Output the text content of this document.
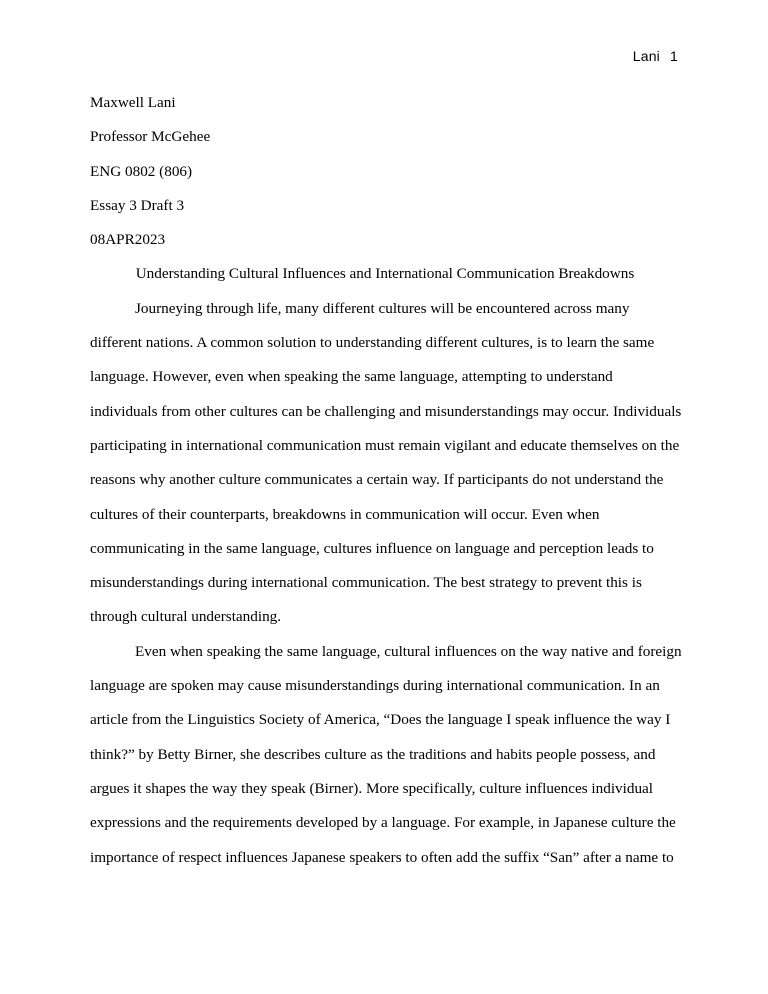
Lani 1
Maxwell Lani
Professor McGehee
ENG 0802 (806)
Essay 3 Draft 3
08APR2023
Understanding Cultural Influences and International Communication Breakdowns

Journeying through life, many different cultures will be encountered across many
different nations. A common solution to understanding different cultures, is to learn the same
language. However, even when speaking the same language, attempting to understand
individuals from other cultures can be challenging and misunderstandings may occur. Individuals
participating in international communication must remain vigilant and educate themselves on the
reasons why another culture communicates a certain way. If participants do not understand the
cultures of their counterparts, breakdowns in communication will occur. Even when
communicating in the same language, cultures influence on language and perception leads to
misunderstandings during international communication. The best strategy to prevent this is
through cultural understanding.

Even when speaking the same language, cultural influences on the way native and foreign
language are spoken may cause misunderstandings during international communication. In an
article from the Linguistics Society of America, “Does the language I speak influence the way I
think?” by Betty Birner, she describes culture as the traditions and habits people possess, and
argues it shapes the way they speak (Birner). More specifically, culture influences individual
expressions and the requirements developed by a language. For example, in Japanese culture the
importance of respect influences Japanese speakers to often add the suffix “San” after a name to
